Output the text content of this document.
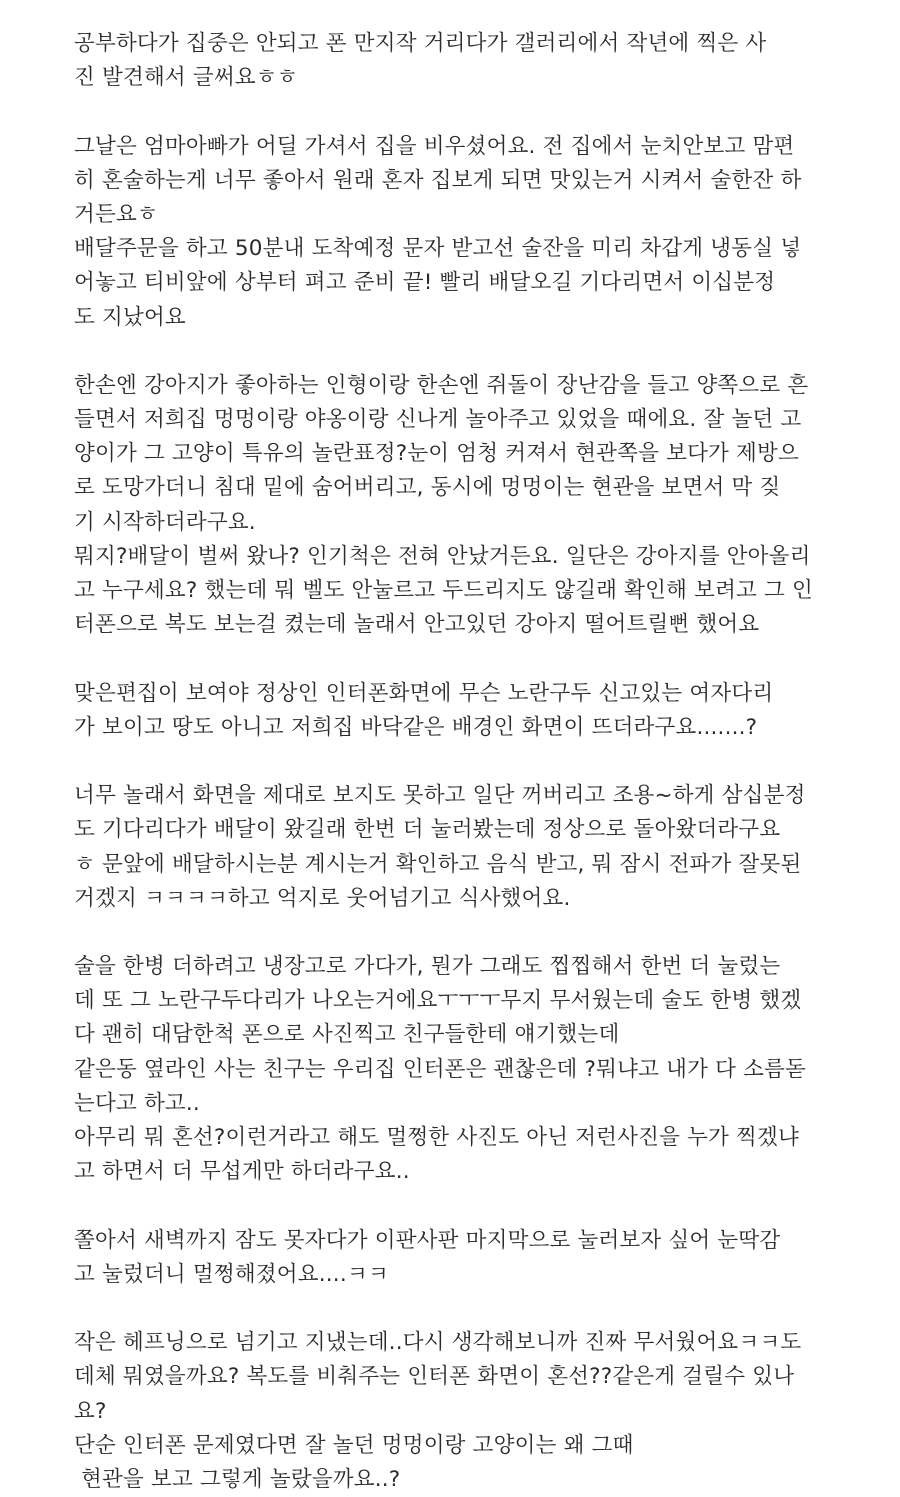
공부하다가 집중은 안되고 폰 만지작 거리다가 갤러리에서 작년에 찍은 사
진 발견해서 글써요ㅎㅎ
그날은 엄마아빠가 어딜 가셔서 집을 비우셨어요. 전 집에서 눈치안보고 맘편
히 혼술하는게 너무 좋아서 원래 혼자 집보게 되면 맛있는거 시켜서 술한잔 하
거든요ㅎ
배달주문을 하고 50분내 도착예정 문자 받고선 술잔을 미리 차갑게 냉동실 넣
어놓고 티비앞에 상부터 펴고 준비 끝! 빨리 배달오길 기다리면서 이십분정
도 지났어요
한손엔 강아지가 좋아하는 인형이랑 한손엔 쥐돌이 장난감을 들고 양쪽으로 흔
들면서 저희집 멍멍이랑 야옹이랑 신나게 놀아주고 있었을 때에요. 잘 놀던 고
양이가 그 고양이 특유의 놀란표정?눈이 엄청 커져서 현관쪽을 보다가 제방으
로 도망가더니 침대 밑에 숨어버리고, 동시에 멍멍이는 현관을 보면서 막 짖
기 시작하더라구요.
뭐지?배달이 벌써 왔나? 인기척은 전혀 안났거든요. 일단은 강아지를 안아올리
고 누구세요? 했는데 뭐 벨도 안눌르고 두드리지도 않길래 확인해 보려고 그 인
터폰으로 복도 보는걸 켰는데 놀래서 안고있던 강아지 떨어트릴뻔 했어요
맞은편집이 보여야 정상인 인터폰화면에 무슨 노란구두 신고있는 여자다리
가 보이고 땅도 아니고 저희집 바닥같은 배경인 화면이 뜨더라구요.......?
너무 놀래서 화면을 제대로 보지도 못하고 일단 꺼버리고 조용~하게 삼십분정
도 기다리다가 배달이 왔길래 한번 더 눌러봤는데 정상으로 돌아왔더라구요
ㅎ 문앞에 배달하시는분 계시는거 확인하고 음식 받고, 뭐 잠시 전파가 잘못된
거겠지 ㅋㅋㅋㅋ하고 억지로 웃어넘기고 식사했어요.
술을 한병 더하려고 냉장고로 가다가, 뭔가 그래도 찝찝해서 한번 더 눌렀는
데 또 그 노란구두다리가 나오는거에요ㅜㅜㅜ무지 무서웠는데 술도 한병 했겠
다 괜히 대담한척 폰으로 사진찍고 친구들한테 얘기했는데
같은동 옆라인 사는 친구는 우리집 인터폰은 괜찮은데 ?뭐냐고 내가 다 소름돋
는다고 하고..
아무리 뭐 혼선?이런거라고 해도 멀쩡한 사진도 아닌 저런사진을 누가 찍겠냐
고 하면서 더 무섭게만 하더라구요..
쫄아서 새벽까지 잠도 못자다가 이판사판 마지막으로 눌러보자 싶어 눈딱감
고 눌렀더니 멀쩡해졌어요....ㅋㅋ
작은 헤프닝으로 넘기고 지냈는데..다시 생각해보니까 진짜 무서웠어요ㅋㅋ도
데체 뭐였을까요? 복도를 비춰주는 인터폰 화면이 혼선??같은게 걸릴수 있나
요?
단순 인터폰 문제였다면 잘 놀던 멍멍이랑 고양이는 왜 그때
현관을 보고 그렇게 놀랐을까요..?
